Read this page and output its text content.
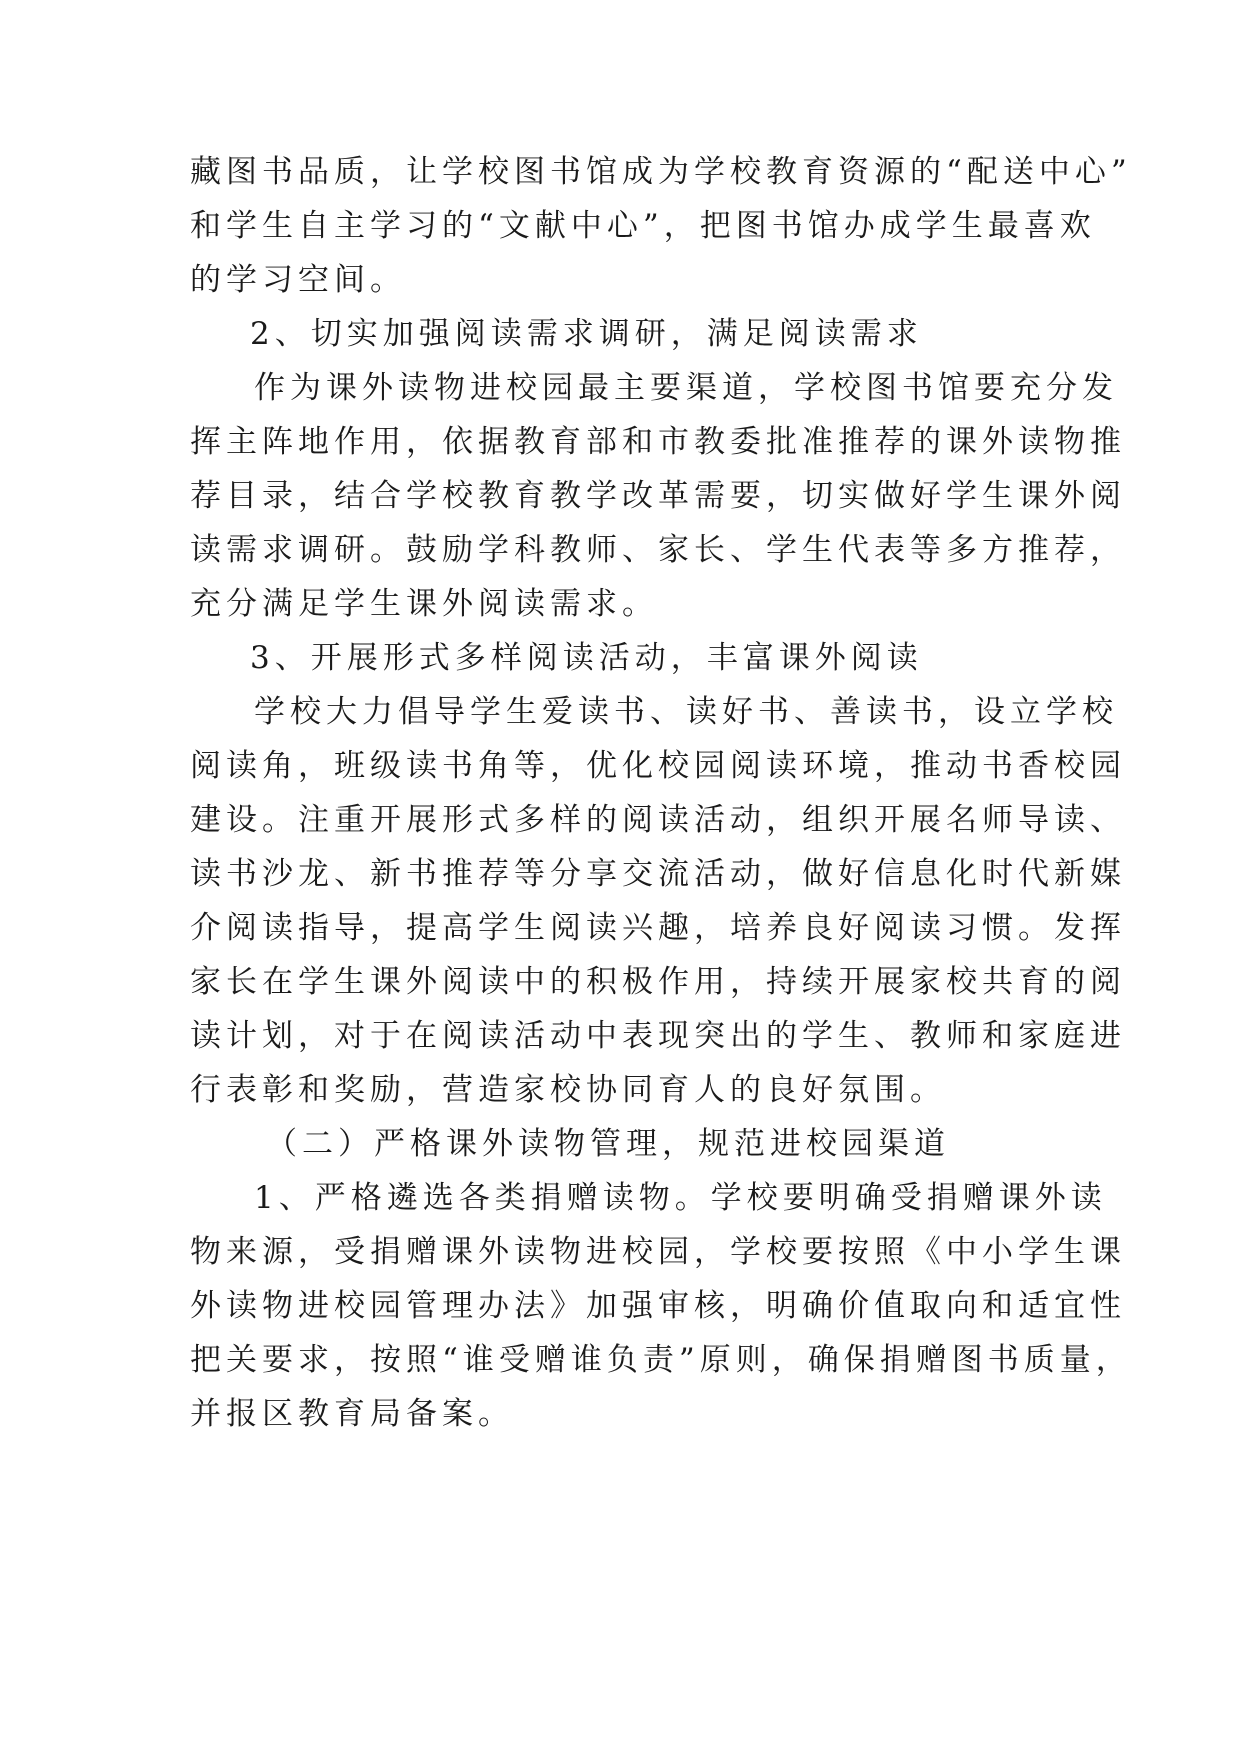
藏图书品质，让学校图书馆成为学校教育资源的“配送中心”
和学生自主学习的“文献中心”，把图书馆办成学生最喜欢
的学习空间。
2、切实加强阅读需求调研，满足阅读需求
作为课外读物进校园最主要渠道，学校图书馆要充分发
挥主阵地作用，依据教育部和市教委批准推荐的课外读物推
荐目录，结合学校教育教学改革需要，切实做好学生课外阅
读需求调研。鼓励学科教师、家长、学生代表等多方推荐，
充分满足学生课外阅读需求。
3、开展形式多样阅读活动，丰富课外阅读
学校大力倡导学生爱读书、读好书、善读书，设立学校
阅读角，班级读书角等，优化校园阅读环境，推动书香校园
建设。注重开展形式多样的阅读活动，组织开展名师导读、
读书沙龙、新书推荐等分享交流活动，做好信息化时代新媒
介阅读指导，提高学生阅读兴趣，培养良好阅读习惯。发挥
家长在学生课外阅读中的积极作用，持续开展家校共育的阅
读计划，对于在阅读活动中表现突出的学生、教师和家庭进
行表彰和奖励，营造家校协同育人的良好氛围。
（二）严格课外读物管理，规范进校园渠道
1、严格遴选各类捐赠读物。学校要明确受捐赠课外读
物来源，受捐赠课外读物进校园，学校要按照《中小学生课
外读物进校园管理办法》加强审核，明确价值取向和适宜性
把关要求，按照“谁受赠谁负责”原则，确保捐赠图书质量，
并报区教育局备案。
